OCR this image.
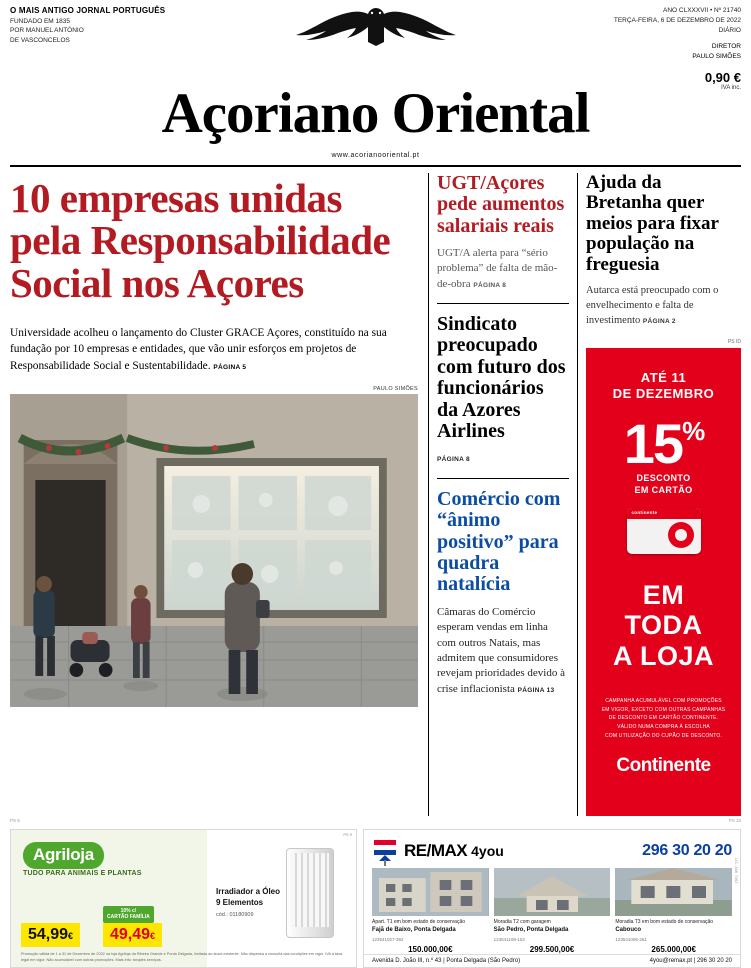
O MAIS ANTIGO JORNAL PORTUGUÊS
FUNDADO EM 1835
POR MANUEL ANTÓNIO
DE VASCONCELOS
ANO CLXXXVII • Nº 21740
TERÇA-FEIRA, 6 DE DEZEMBRO DE 2022
DIÁRIO
DIRETOR
PAULO SIMÕES
0,90 €
IVA inc.
Açoriano Oriental
www.acorianooriental.pt
10 empresas unidas pela Responsabilidade Social nos Açores

Universidade acolheu o lançamento do Cluster GRACE Açores, constituído na sua fundação por 10 empresas e entidades, que vão unir esforços em projetos de Responsabilidade Social e Sustentabilidade. PÁGINA 5

PAULO SIMÕES
UGT/Açores pede aumentos salariais reais

UGT/A alerta para “sério problema” de falta de mão-de-obra PÁGINA 8

Sindicato preocupado com futuro dos funcionários da Azores Airlines

PÁGINA 8

Comércio com “ânimo positivo” para quadra natalícia

Câmaras do Comércio esperam vendas em linha com outros Natais, mas admitem que consumidores revejam prioridades devido à crise inflacionista PÁGINA 13

Ajuda da Bretanha quer meios para fixar população na freguesia

Autarca está preocupado com o envelhecimento e falta de investimento PÁGINA 2

PS ID
ATÉ 11
DE DEZEMBRO
15%
DESCONTO
EM CARTÃO
continente
EM
TODA
A LOJA
CAMPANHA ACUMULÁVEL COM PROMOÇÕES
EM VIGOR, EXCETO COM OUTRAS CAMPANHAS
DE DESCONTO EM CARTÃO CONTINENTE.
VÁLIDO NUMA COMPRA À ESCOLHA
COM UTILIZAÇÃO DO CUPÃO DE DESCONTO.
Continente
PS 8	PS 15
Agriloja
TUDO PARA ANIMAIS E PLANTAS
54,99€
10% c/
CARTÃO FAMÍLIA
49,49€
Irradiador a Óleo
9 Elementos
cód.: 01180909
Promoção válida de 1 a 31 de Dezembro de 2022 na loja Agriloja da Ribeira Grande e Ponta Delgada, limitada ao stock existente. Não dispensa a consulta das condições em vigor. IVA à taxa legal em vigor. Não acumulável com outras promoções. Mais info: twojdes serviços.
PS 9
RE/MAX 4you	296 30 20 20
Apart. T1 em bom estado de conservação
Fajã de Baixo, Ponta Delgada
123541027-392
150.000,00€
Moradia T2 com garagem
São Pedro, Ponta Delgada
123541108-102
299.500,00€
Moradia T3 em bom estado de conservação
Cabouco
123541006-261
265.000,00€
LIC. AMI 7063
Avenida D. João III, n.º 43 | Ponta Delgada (São Pedro)	4you@remax.pt | 296 30 20 20
